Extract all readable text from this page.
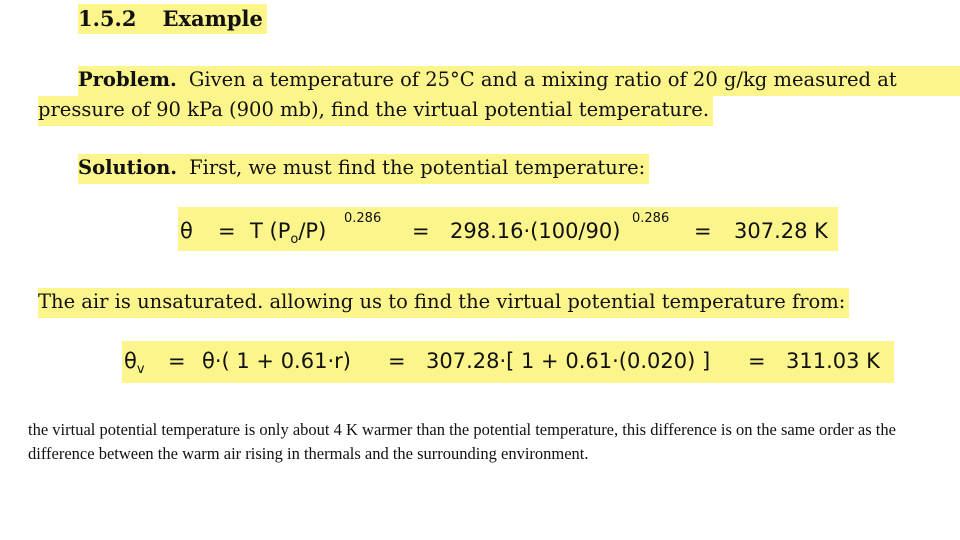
1.5.2 Example
Problem. Given a temperature of 25°C and a mixing ratio of 20 g/kg measured at
pressure of 90 kPa (900 mb), find the virtual potential temperature.
Solution. First, we must find the potential temperature:
θ = T $(P_o/P)$
0.286
= 298.16·(100/90)
0.286
= 307.28 K
The air is unsaturated. allowing us to find the virtual potential temperature from:
$\theta_v = \theta\cdot$( 1 + 0.61·r) = 307.28·[ 1 + 0.61·(0.020) ] = 311.03 K
the virtual potential temperature is only about 4 K warmer than the potential temperature, this difference is on the same order as the difference between the warm air rising in thermals and the surrounding environment.
